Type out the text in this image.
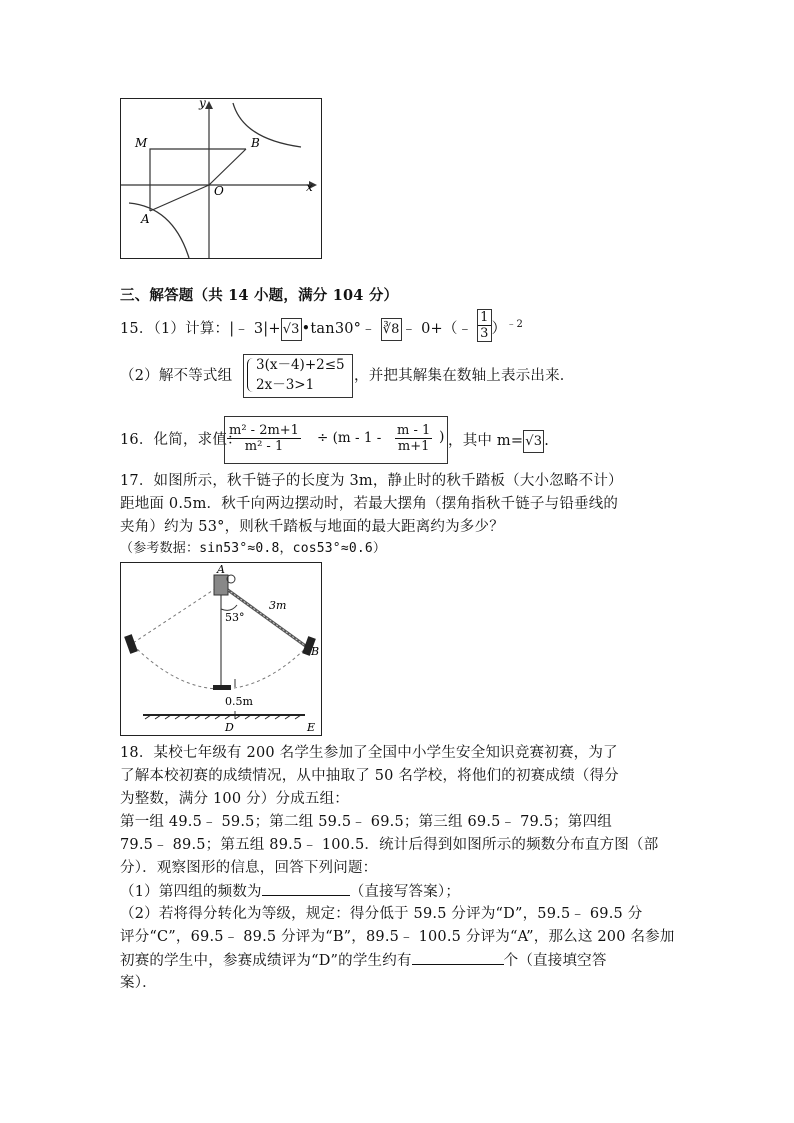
x
y
O
A
B
M
三、解答题（共 14 小题，满分 104 分）
15．（1）计算：|﹣ 3|+ √3 •tan30°﹣ ∛8 ﹣ 0+（﹣ $\frac{1}{3} )^{﹣2}$
（2）解不等式组
3(x－4)+2≤5
2x－3>1
，并把其解集在数轴上表示出来．
16．化简，求值：
$\frac{\text{m² - 2m+1}}{\text{m² - 1}} \div (m - 1 - \frac{m - 1}{m+1}$ ) ，其中 m= √3 .
17．如图所示，秋千链子的长度为 3m，静止时的秋千踏板（大小忽略不计）
距地面 0.5m．秋千向两边摆动时，若最大摆角（摆角指秋千链子与铅垂线的
夹角）约为 53°，则秋千踏板与地面的最大距离约为多少？
（参考数据：sin53°≈0.8，cos53°≈0.6）
A
B
D	E
53°
3m
0.5m
18．某校七年级有 200 名学生参加了全国中小学生安全知识竞赛初赛，为了
了解本校初赛的成绩情况，从中抽取了 50 名学校，将他们的初赛成绩（得分
为整数，满分 100 分）分成五组：
第一组 49.5﹣ 59.5；第二组 59.5﹣ 69.5；第三组 69.5﹣ 79.5；第四组
79.5﹣ 89.5；第五组 89.5﹣ 100.5．统计后得到如图所示的频数分布直方图（部
分）．观察图形的信息，回答下列问题：
（1）第四组的频数为	（直接写答案）；
（2）若将得分转化为等级，规定：得分低于 59.5 分评为“D”，59.5﹣ 69.5 分
评分“C”，69.5﹣ 89.5 分评为“B”，89.5﹣ 100.5 分评为“A”，那么这 200 名参加
初赛的学生中，参赛成绩评为“D”的学生约有	个（直接填空答
案）．
